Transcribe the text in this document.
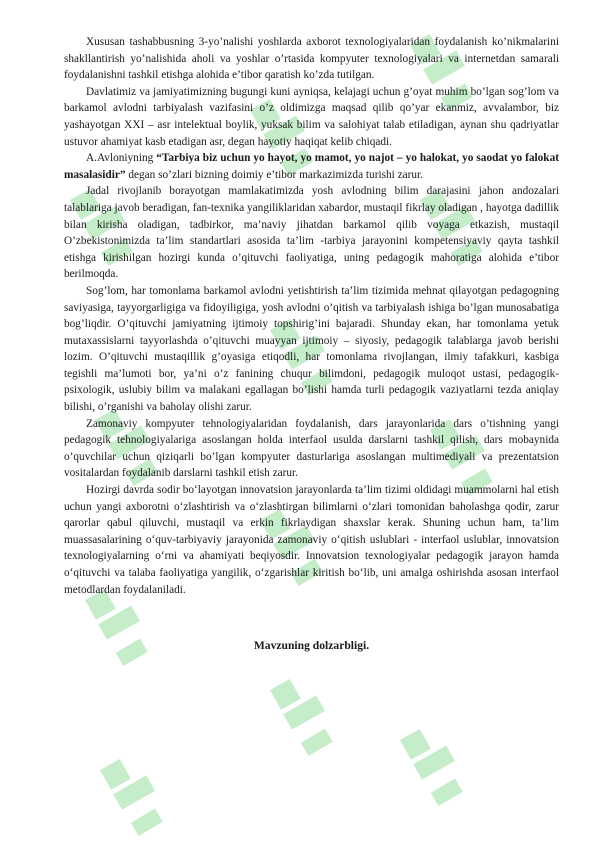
Xususan tashabbusning 3-yo’nalishi yoshlarda axborot texnologiyalaridan foydalanish ko’nikmalarini shakllantirish yo’nalishida aholi va yoshlar o’rtasida kompyuter texnologiyalari va internetdan samarali foydalanishni tashkil etishga alohida e’tibor qaratish ko’zda tutilgan.

Davlatimiz va jamiyatimizning bugungi kuni ayniqsa, kelajagi uchun g’oyat muhim bo’lgan sog’lom va barkamol avlodni tarbiyalash vazifasini o’z oldimizga maqsad qilib qo’yar ekanmiz, avvalambor, biz yashayotgan XXI – asr intelektual boylik, yuksak bilim va salohiyat talab etiladigan, aynan shu qadriyatlar ustuvor ahamiyat kasb etadigan asr, degan hayotiy haqiqat kelib chiqadi.

A.Avloniyning “Tarbiya biz uchun yo hayot, yo mamot, yo najot – yo halokat, yo saodat yo falokat masalasidir” degan so’zlari bizning doimiy e’tibor markazimizda turishi zarur.

Jadal rivojlanib borayotgan mamlakatimizda yosh avlodning bilim darajasini jahon andozalari talablariga javob beradigan, fan-texnika yangiliklaridan xabardor, mustaqil fikrlay oladigan , hayotga dadillik bilan kirisha oladigan, tadbirkor, ma’naviy jihatdan barkamol qilib voyaga etkazish, mustaqil O’zbekistonimizda ta’lim standartlari asosida ta’lim -tarbiya jarayonini kompetensiyaviy qayta tashkil etishga kirishilgan hozirgi kunda o’qituvchi faoliyatiga, uning pedagogik mahoratiga alohida e’tibor berilmoqda.

Sog’lom, har tomonlama barkamol avlodni yetishtirish ta’lim tizimida mehnat qilayotgan pedagogning saviyasiga, tayyorgarligiga va fidoyiligiga, yosh avlodni o’qitish va tarbiyalash ishiga bo’lgan munosabatiga bog’liqdir. O’qituvchi jamiyatning ijtimoiy topshirig’ini bajaradi. Shunday ekan, har tomonlama yetuk mutaxassislarni tayyorlashda o’qituvchi muayyan ijtimoiy – siyosiy, pedagogik talablarga javob berishi lozim. O’qituvchi mustaqillik g’oyasiga etiqodli, har tomonlama rivojlangan, ilmiy tafakkuri, kasbiga tegishli ma’lumoti bor, ya’ni o’z fanining chuqur bilimdoni, pedagogik muloqot ustasi, pedagogik-psixologik, uslubiy bilim va malakani egallagan bo’lishi hamda turli pedagogik vaziyatlarni tezda aniqlay bilishi, o’rganishi va baholay olishi zarur.

Zamonaviy kompyuter tehnologiyalaridan foydalanish, dars jarayonlarida dars o’tishning yangi pedagogik tehnologiyalariga asoslangan holda interfaol usulda darslarni tashkil qilish, dars mobaynida o’quvchilar uchun qiziqarli bo’lgan kompyuter dasturlariga asoslangan multimediyali va prezentatsion vositalardan foydalanib darslarni tashkil etish zarur.

Hozirgi davrda sodir bo‘layotgan innovatsion jarayonlarda ta’lim tizimi oldidagi muammolarni hal etish uchun yangi axborotni o‘zlashtirish va o‘zlashtirgan bilimlarni o‘zlari tomonidan baholashga qodir, zarur qarorlar qabul qiluvchi, mustaqil va erkin fikrlaydigan shaxslar kerak. Shuning uchun ham, ta’lim muassasalarining o‘quv-tarbiyaviy jarayonida zamonaviy o‘qitish uslublari - interfaol uslublar, innovatsion texnologiyalarning o‘rni va ahamiyati beqiyosdir. Innovatsion texnologiyalar pedagogik jarayon hamda o‘qituvchi va talaba faoliyatiga yangilik, o‘zgarishlar kiritish bo‘lib, uni amalga oshirishda asosan interfaol metodlardan foydalaniladi.

Mavzuning dolzarbligi.
